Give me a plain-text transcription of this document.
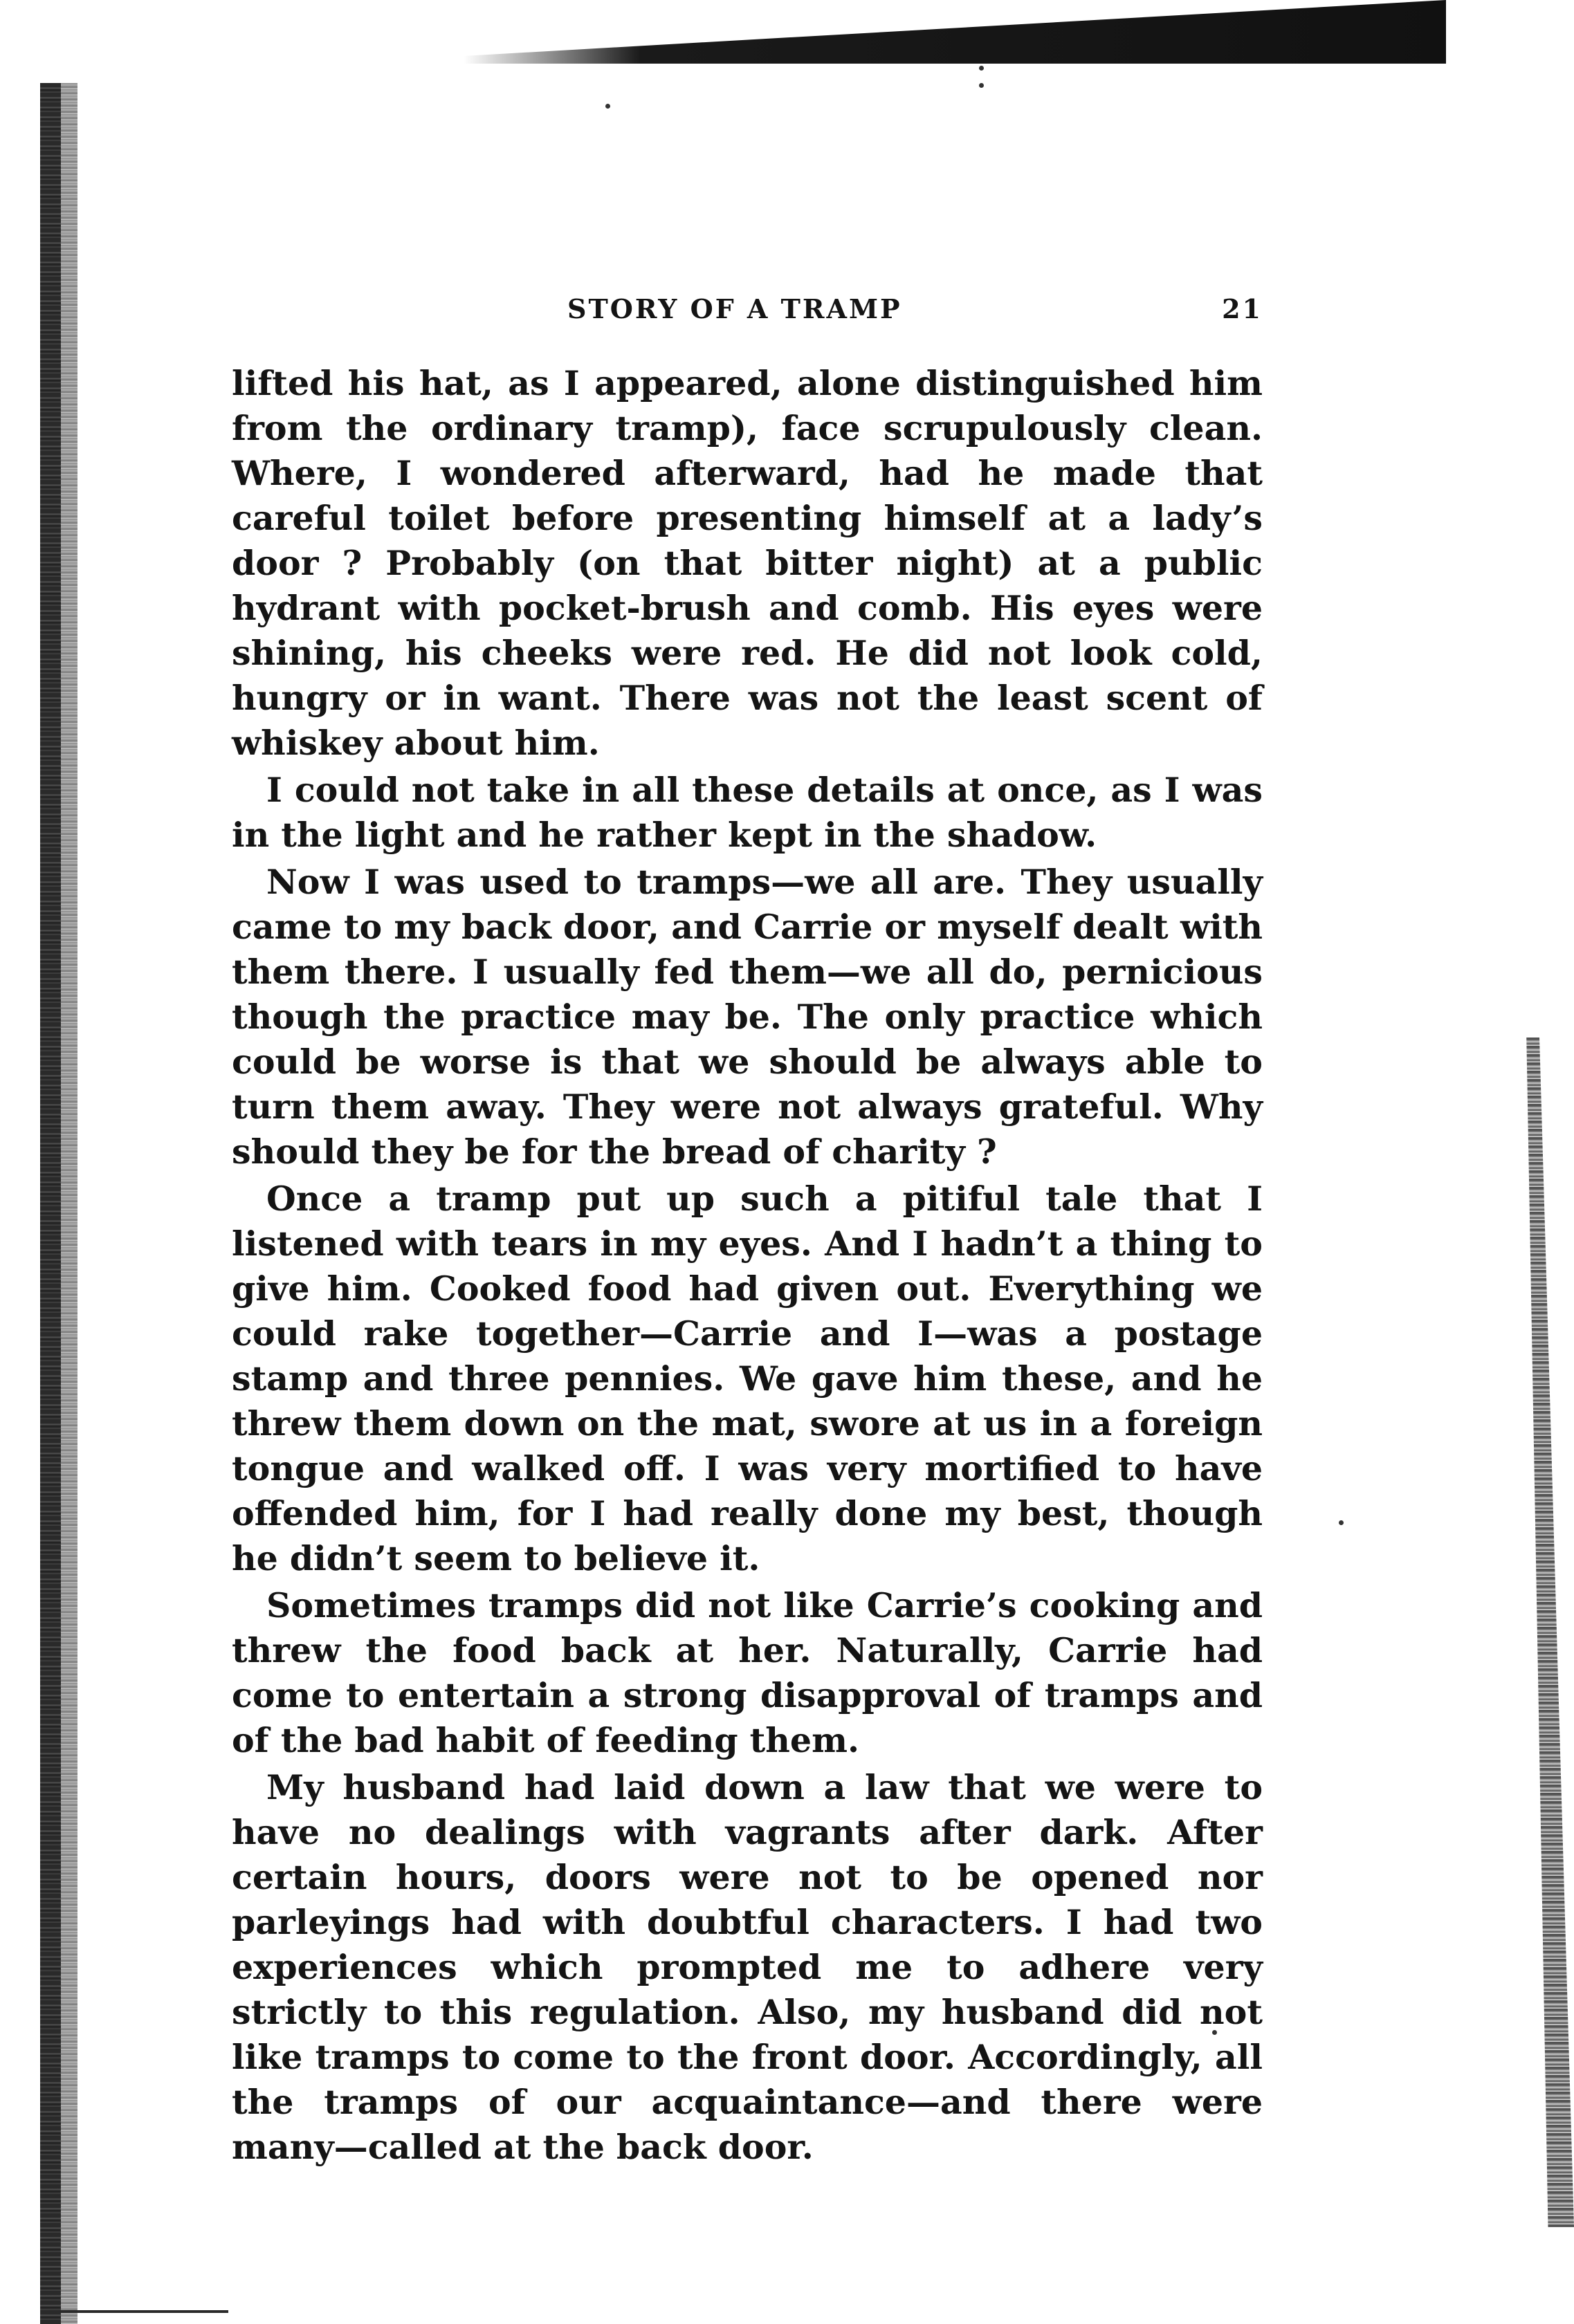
STORY OF A TRAMP	21

lifted his hat, as I appeared, alone distinguished him from the ordinary tramp), face scrupulously clean. Where, I wondered afterward, had he made that careful toilet before presenting himself at a lady’s door ? Probably (on that bitter night) at a public hydrant with pocket-brush and comb. His eyes were shining, his cheeks were red. He did not look cold, hungry or in want. There was not the least scent of whiskey about him.

I could not take in all these details at once, as I was in the light and he rather kept in the shadow.

Now I was used to tramps—we all are. They usually came to my back door, and Carrie or myself dealt with them there. I usually fed them—we all do, pernicious though the practice may be. The only practice which could be worse is that we should be always able to turn them away. They were not always grateful. Why should they be for the bread of charity ?

Once a tramp put up such a pitiful tale that I listened with tears in my eyes. And I hadn’t a thing to give him. Cooked food had given out. Everything we could rake together—Carrie and I—was a postage stamp and three pennies. We gave him these, and he threw them down on the mat, swore at us in a foreign tongue and walked off. I was very mortified to have offended him, for I had really done my best, though he didn’t seem to believe it.

Sometimes tramps did not like Carrie’s cooking and threw the food back at her. Naturally, Carrie had come to entertain a strong disapproval of tramps and of the bad habit of feeding them.

My husband had laid down a law that we were to have no dealings with vagrants after dark. After certain hours, doors were not to be opened nor parleyings had with doubtful characters. I had two experiences which prompted me to adhere very strictly to this regulation. Also, my husband did not like tramps to come to the front door. Accordingly, all the tramps of our acquaintance—and there were many—called at the back door.
